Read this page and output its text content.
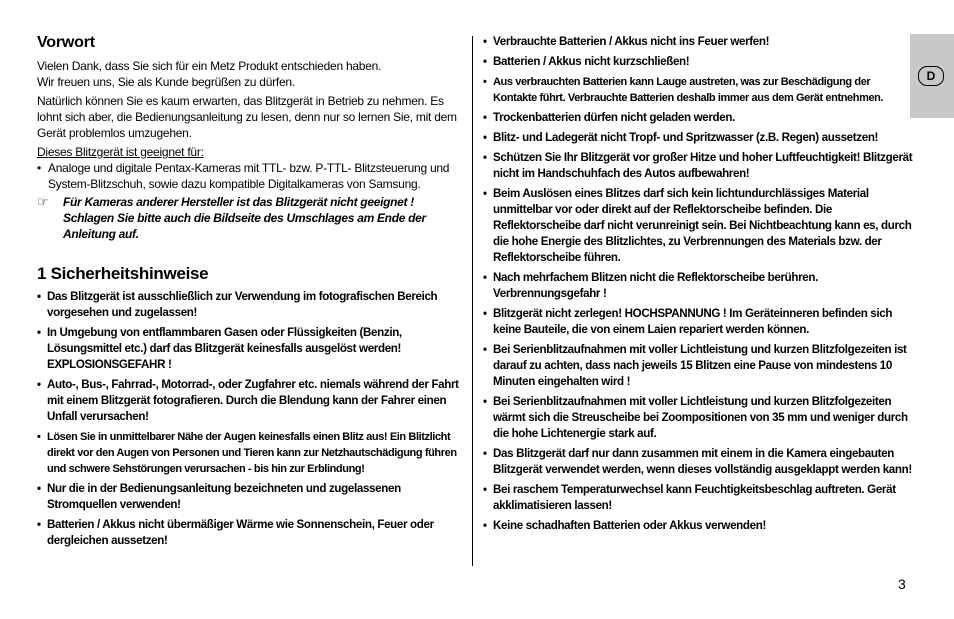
Vorwort

Vielen Dank, dass Sie sich für ein Metz Produkt entschieden haben.

Wir freuen uns, Sie als Kunde begrüßen zu dürfen.

Natürlich können Sie es kaum erwarten, das Blitzgerät in Betrieb zu nehmen. Es lohnt sich aber, die Bedienungsanleitung zu lesen, denn nur so lernen Sie, mit dem Gerät problemlos umzugehen.

Dieses Blitzgerät ist geeignet für:

• Analoge und digitale Pentax-Kameras mit TTL- bzw. P-TTL- Blitzsteuerung und System-Blitzschuh, sowie dazu kompatible Digitalkameras von Samsung.
☞	Für Kameras anderer Hersteller ist das Blitzgerät nicht geeignet ! Schlagen Sie bitte auch die Bildseite des Umschlages am Ende der Anleitung auf.
1 Sicherheitshinweise
• Das Blitzgerät ist ausschließlich zur Verwendung im fotografischen Bereich vorgesehen und zugelassen!
• In Umgebung von entflammbaren Gasen oder Flüssigkeiten (Benzin, Lösungsmittel etc.) darf das Blitzgerät keinesfalls ausgelöst werden! EXPLOSIONSGEFAHR !
• Auto-, Bus-, Fahrrad-, Motorrad-, oder Zugfahrer etc. niemals während der Fahrt mit einem Blitzgerät fotografieren. Durch die Blendung kann der Fahrer einen Unfall verursachen!
• Lösen Sie in unmittelbarer Nähe der Augen keinesfalls einen Blitz aus! Ein Blitzlicht direkt vor den Augen von Personen und Tieren kann zur Netzhautschädigung führen und schwere Sehstörungen verursachen - bis hin zur Erblindung!
• Nur die in der Bedienungsanleitung bezeichneten und zugelassenen Stromquellen verwenden!
• Batterien / Akkus nicht übermäßiger Wärme wie Sonnenschein, Feuer oder dergleichen aussetzen!
• Verbrauchte Batterien / Akkus nicht ins Feuer werfen!
• Batterien / Akkus nicht kurzschließen!
• Aus verbrauchten Batterien kann Lauge austreten, was zur Beschädigung der Kontakte führt. Verbrauchte Batterien deshalb immer aus dem Gerät entnehmen.
• Trockenbatterien dürfen nicht geladen werden.
• Blitz- und Ladegerät nicht Tropf- und Spritzwasser (z.B. Regen) aussetzen!
• Schützen Sie Ihr Blitzgerät vor großer Hitze und hoher Luftfeuchtigkeit! Blitzgerät nicht im Handschuhfach des Autos aufbewahren!
• Beim Auslösen eines Blitzes darf sich kein lichtundurchlässiges Material unmittelbar vor oder direkt auf der Reflektorscheibe befinden. Die Reflektorscheibe darf nicht verunreinigt sein. Bei Nichtbeachtung kann es, durch die hohe Energie des Blitzlichtes, zu Verbrennungen des Materials bzw. der Reflektorscheibe führen.
• Nach mehrfachem Blitzen nicht die Reflektorscheibe berühren. Verbrennungsgefahr !
• Blitzgerät nicht zerlegen! HOCHSPANNUNG ! Im Geräteinneren befinden sich keine Bauteile, die von einem Laien repariert werden können.
• Bei Serienblitzaufnahmen mit voller Lichtleistung und kurzen Blitzfolgezeiten ist darauf zu achten, dass nach jeweils 15 Blitzen eine Pause von mindestens 10 Minuten eingehalten wird !
• Bei Serienblitzaufnahmen mit voller Lichtleistung und kurzen Blitzfolgezeiten wärmt sich die Streuscheibe bei Zoompositionen von 35 mm und weniger durch die hohe Lichtenergie stark auf.
• Das Blitzgerät darf nur dann zusammen mit einem in die Kamera eingebauten Blitzgerät verwendet werden, wenn dieses vollständig ausgeklappt werden kann!
• Bei raschem Temperaturwechsel kann Feuchtigkeitsbeschlag auftreten. Gerät akklimatisieren lassen!
• Keine schadhaften Batterien oder Akkus verwenden!
D
3
